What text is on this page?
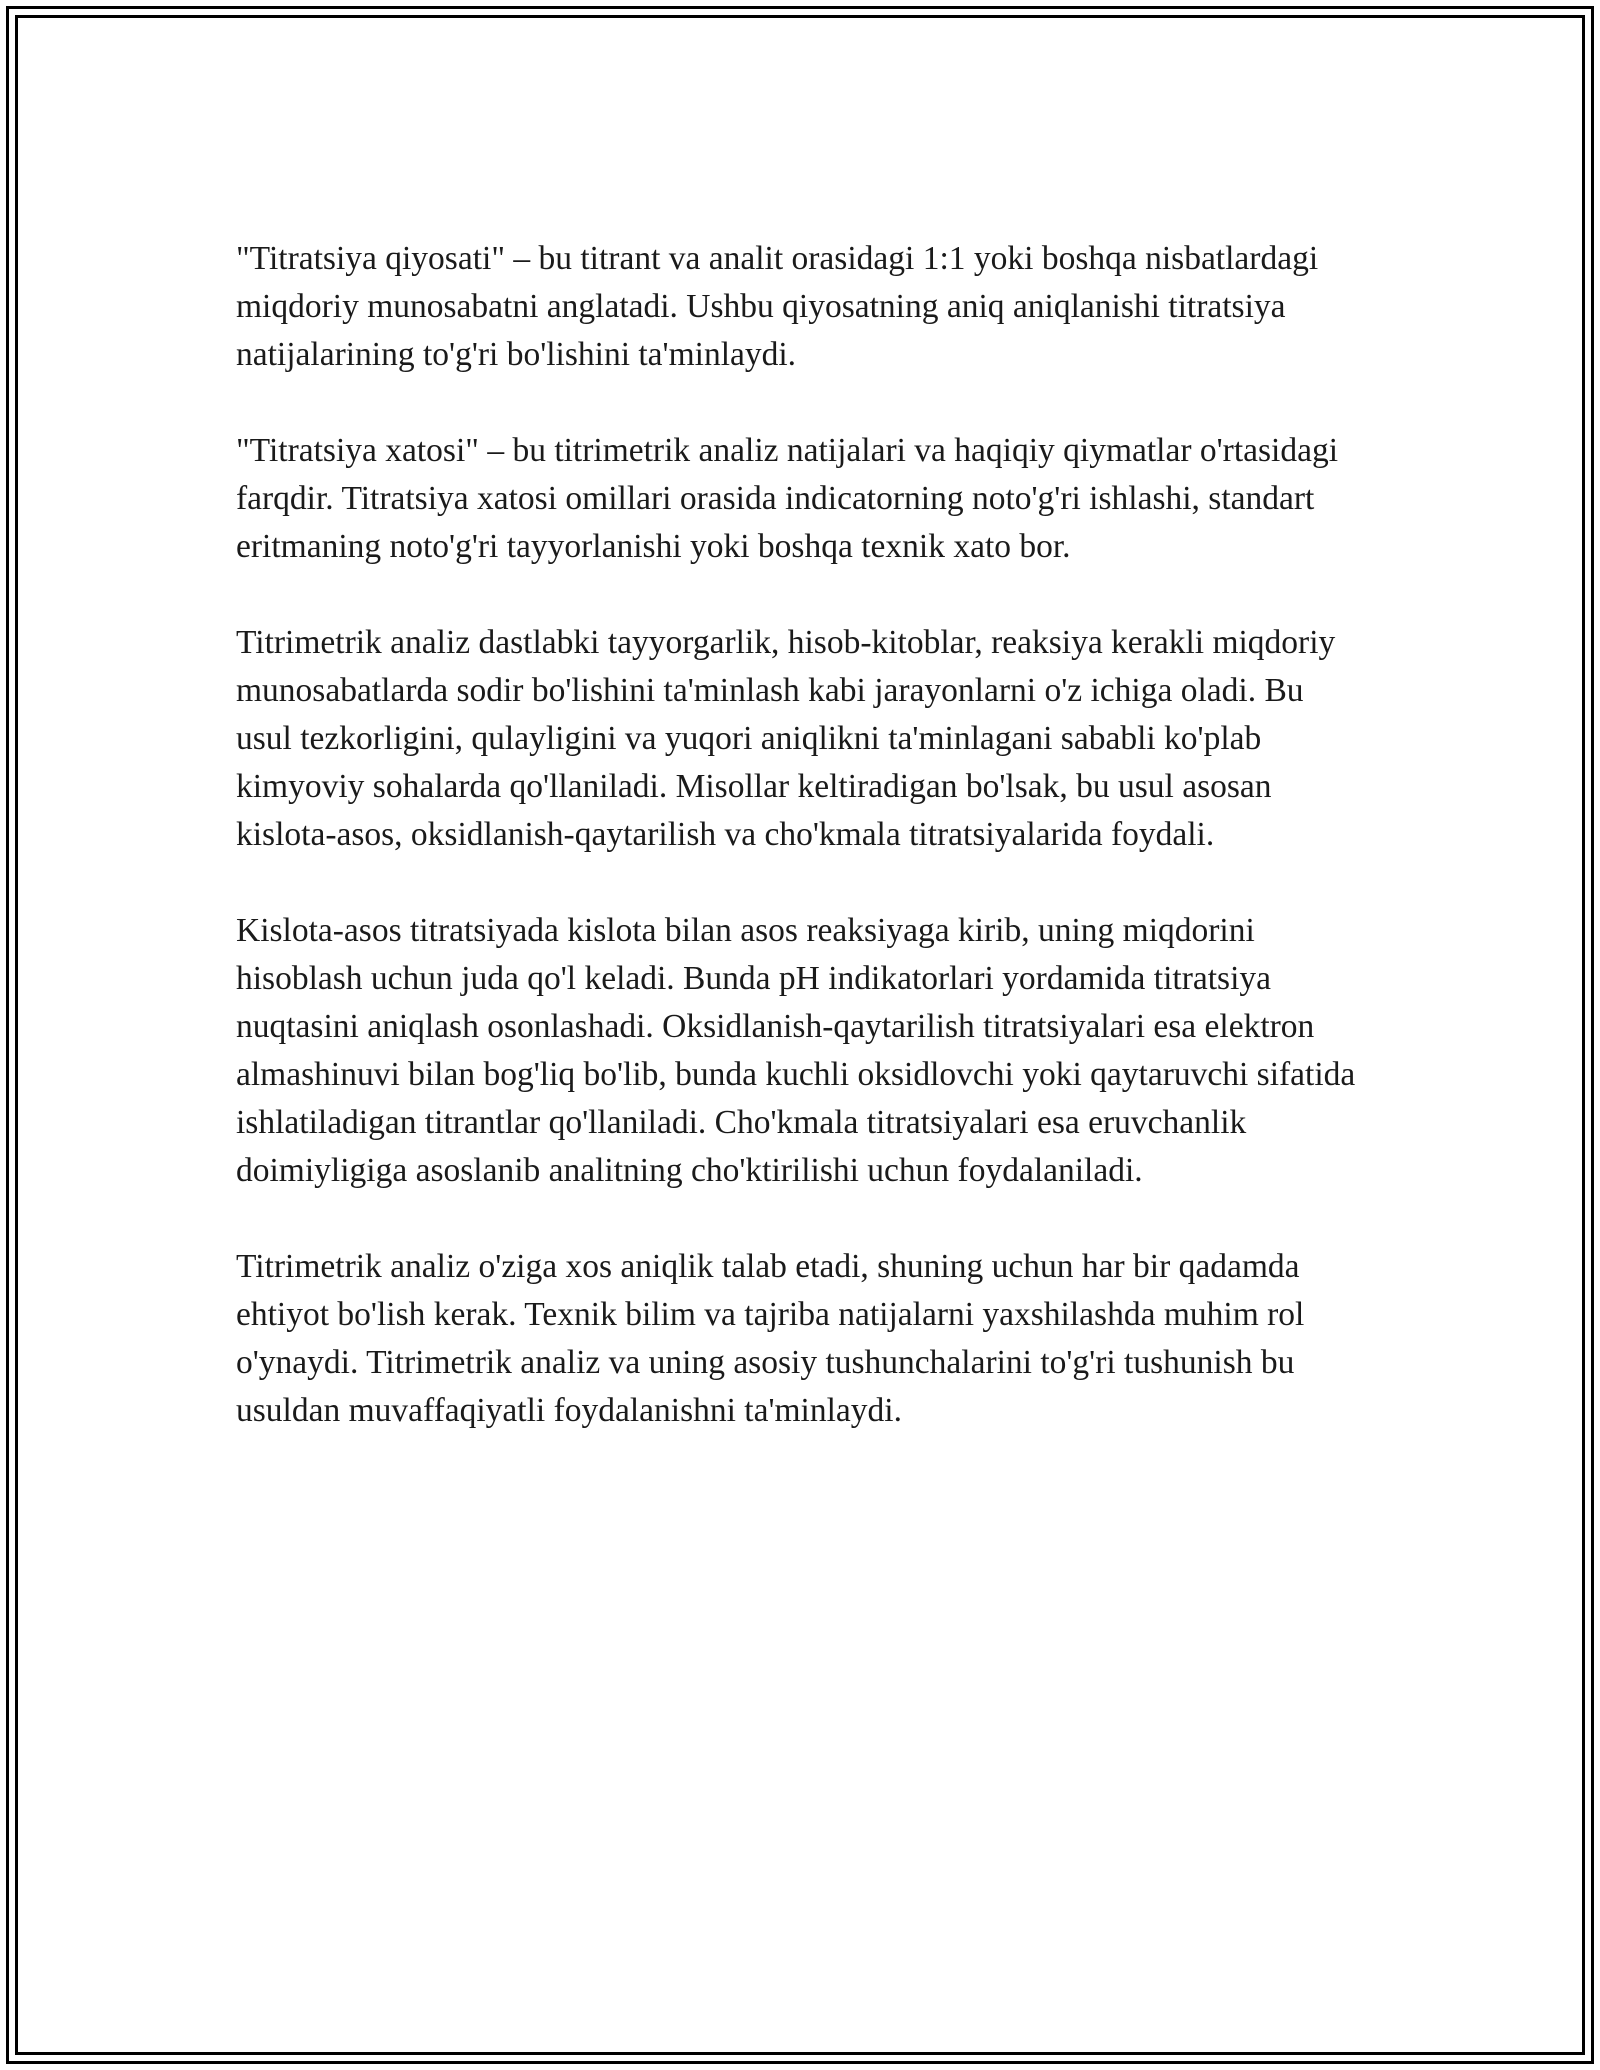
"Titratsiya qiyosati" – bu titrant va analit orasidagi 1:1 yoki boshqa nisbatlardagi miqdoriy munosabatni anglatadi. Ushbu qiyosatning aniq aniqlanishi titratsiya natijalarining to'g'ri bo'lishini ta'minlaydi.

"Titratsiya xatosi" – bu titrimetrik analiz natijalari va haqiqiy qiymatlar o'rtasidagi farqdir. Titratsiya xatosi omillari orasida indicatorning noto'g'ri ishlashi, standart eritmaning noto'g'ri tayyorlanishi yoki boshqa texnik xato bor.

Titrimetrik analiz dastlabki tayyorgarlik, hisob-kitoblar, reaksiya kerakli miqdoriy munosabatlarda sodir bo'lishini ta'minlash kabi jarayonlarni o'z ichiga oladi. Bu usul tezkorligini, qulayligini va yuqori aniqlikni ta'minlagani sababli ko'plab kimyoviy sohalarda qo'llaniladi. Misollar keltiradigan bo'lsak, bu usul asosan kislota-asos, oksidlanish-qaytarilish va cho'kmala titratsiyalarida foydali.

Kislota-asos titratsiyada kislota bilan asos reaksiyaga kirib, uning miqdorini hisoblash uchun juda qo'l keladi. Bunda pH indikatorlari yordamida titratsiya nuqtasini aniqlash osonlashadi. Oksidlanish-qaytarilish titratsiyalari esa elektron almashinuvi bilan bog'liq bo'lib, bunda kuchli oksidlovchi yoki qaytaruvchi sifatida ishlatiladigan titrantlar qo'llaniladi. Cho'kmala titratsiyalari esa eruvchanlik doimiyligiga asoslanib analitning cho'ktirilishi uchun foydalaniladi.

Titrimetrik analiz o'ziga xos aniqlik talab etadi, shuning uchun har bir qadamda ehtiyot bo'lish kerak. Texnik bilim va tajriba natijalarni yaxshilashda muhim rol o'ynaydi. Titrimetrik analiz va uning asosiy tushunchalarini to'g'ri tushunish bu usuldan muvaffaqiyatli foydalanishni ta'minlaydi.
